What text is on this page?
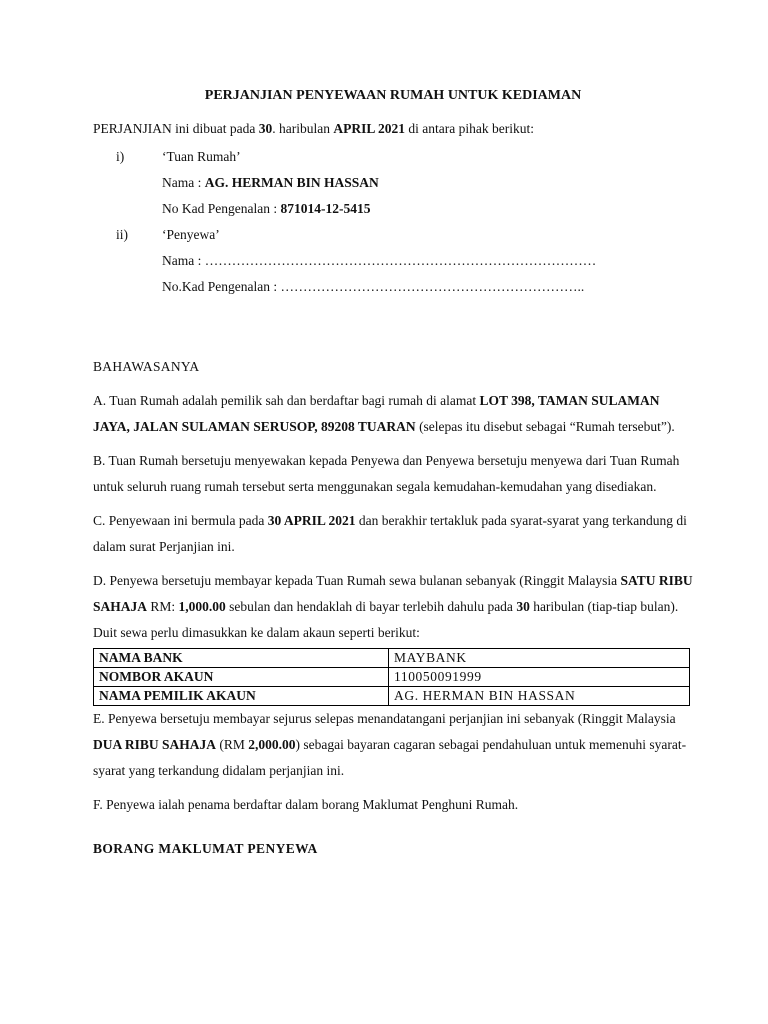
PERJANJIAN PENYEWAAN RUMAH UNTUK KEDIAMAN
PERJANJIAN ini dibuat pada 30. haribulan APRIL 2021 di antara pihak berikut:
i)	‘Tuan Rumah’
Nama : AG. HERMAN BIN HASSAN
No Kad Pengenalan : 871014-12-5415
ii)	‘Penyewa’
Nama : ……………………………………………………………………………
No.Kad Pengenalan : …………………………………………………………..
BAHAWASANYA

A. Tuan Rumah adalah pemilik sah dan berdaftar bagi rumah di alamat LOT 398, TAMAN SULAMAN JAYA, JALAN SULAMAN SERUSOP, 89208 TUARAN (selepas itu disebut sebagai “Rumah tersebut”).

B. Tuan Rumah bersetuju menyewakan kepada Penyewa dan Penyewa bersetuju menyewa dari Tuan Rumah untuk seluruh ruang rumah tersebut serta menggunakan segala kemudahan-kemudahan yang disediakan.

C. Penyewaan ini bermula pada 30 APRIL 2021 dan berakhir tertakluk pada syarat-syarat yang terkandung di dalam surat Perjanjian ini.

D. Penyewa bersetuju membayar kepada Tuan Rumah sewa bulanan sebanyak (Ringgit Malaysia SATU RIBU SAHAJA RM: 1,000.00 sebulan dan hendaklah di bayar terlebih dahulu pada 30 haribulan (tiap-tiap bulan). Duit sewa perlu dimasukkan ke dalam akaun seperti berikut:

NAMA BANK	MAYBANK
NOMBOR AKAUN	110050091999
NAMA PEMILIK AKAUN	AG. HERMAN BIN HASSAN

E. Penyewa bersetuju membayar sejurus selepas menandatangani perjanjian ini sebanyak (Ringgit Malaysia DUA RIBU SAHAJA (RM 2,000.00) sebagai bayaran cagaran sebagai pendahuluan untuk memenuhi syarat-syarat yang terkandung didalam perjanjian ini.

F. Penyewa ialah penama berdaftar dalam borang Maklumat Penghuni Rumah.

BORANG MAKLUMAT PENYEWA
